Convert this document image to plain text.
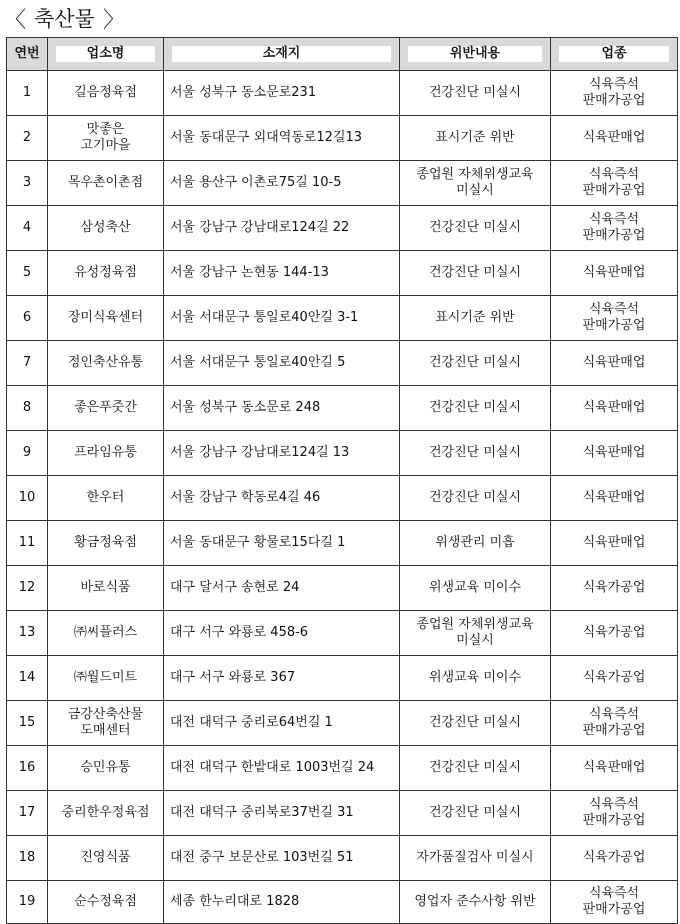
〈 축산물 〉
연번	업소명	소재지	위반내용	업종

1	길음정육점	서울 성북구 동소문로231	건강진단 미실시	식육즉석
판매가공업
2	맛좋은
고기마을	서울 동대문구 외대역동로12길13	표시기준 위반	식육판매업
3	목우촌이촌점	서울 용산구 이촌로75길 10-5	종업원 자체위생교육
미실시	식육즉석
판매가공업
4	삼성축산	서울 강남구 강남대로124길 22	건강진단 미실시	식육즉석
판매가공업
5	유성정육점	서울 강남구 논현동 144-13	건강진단 미실시	식육판매업
6	장미식육센터	서울 서대문구 통일로40안길 3-1	표시기준 위반	식육즉석
판매가공업
7	정인축산유통	서울 서대문구 통일로40안길 5	건강진단 미실시	식육판매업
8	좋은푸줏간	서울 성북구 동소문로 248	건강진단 미실시	식육판매업
9	프라임유통	서울 강남구 강남대로124길 13	건강진단 미실시	식육판매업
10	한우터	서울 강남구 학동로4길 46	건강진단 미실시	식육판매업
11	황금정육점	서울 동대문구 황물로15다길 1	위생관리 미흡	식육판매업
12	바로식품	대구 달서구 송현로 24	위생교육 미이수	식육가공업
13	㈜씨플러스	대구 서구 와룡로 458-6	종업원 자체위생교육
미실시	식육가공업
14	㈜월드미트	대구 서구 와룡로 367	위생교육 미이수	식육가공업
15	금강산축산물
도매센터	대전 대덕구 중리로64번길 1	건강진단 미실시	식육즉석
판매가공업
16	승민유통	대전 대덕구 한밭대로 1003번길 24	건강진단 미실시	식육판매업
17	중리한우정육점	대전 대덕구 중리북로37번길 31	건강진단 미실시	식육즉석
판매가공업
18	진영식품	대전 중구 보문산로 103번길 51	자가품질검사 미실시	식육가공업
19	순수정육점	세종 한누리대로 1828	영업자 준수사항 위반	식육즉석
판매가공업
